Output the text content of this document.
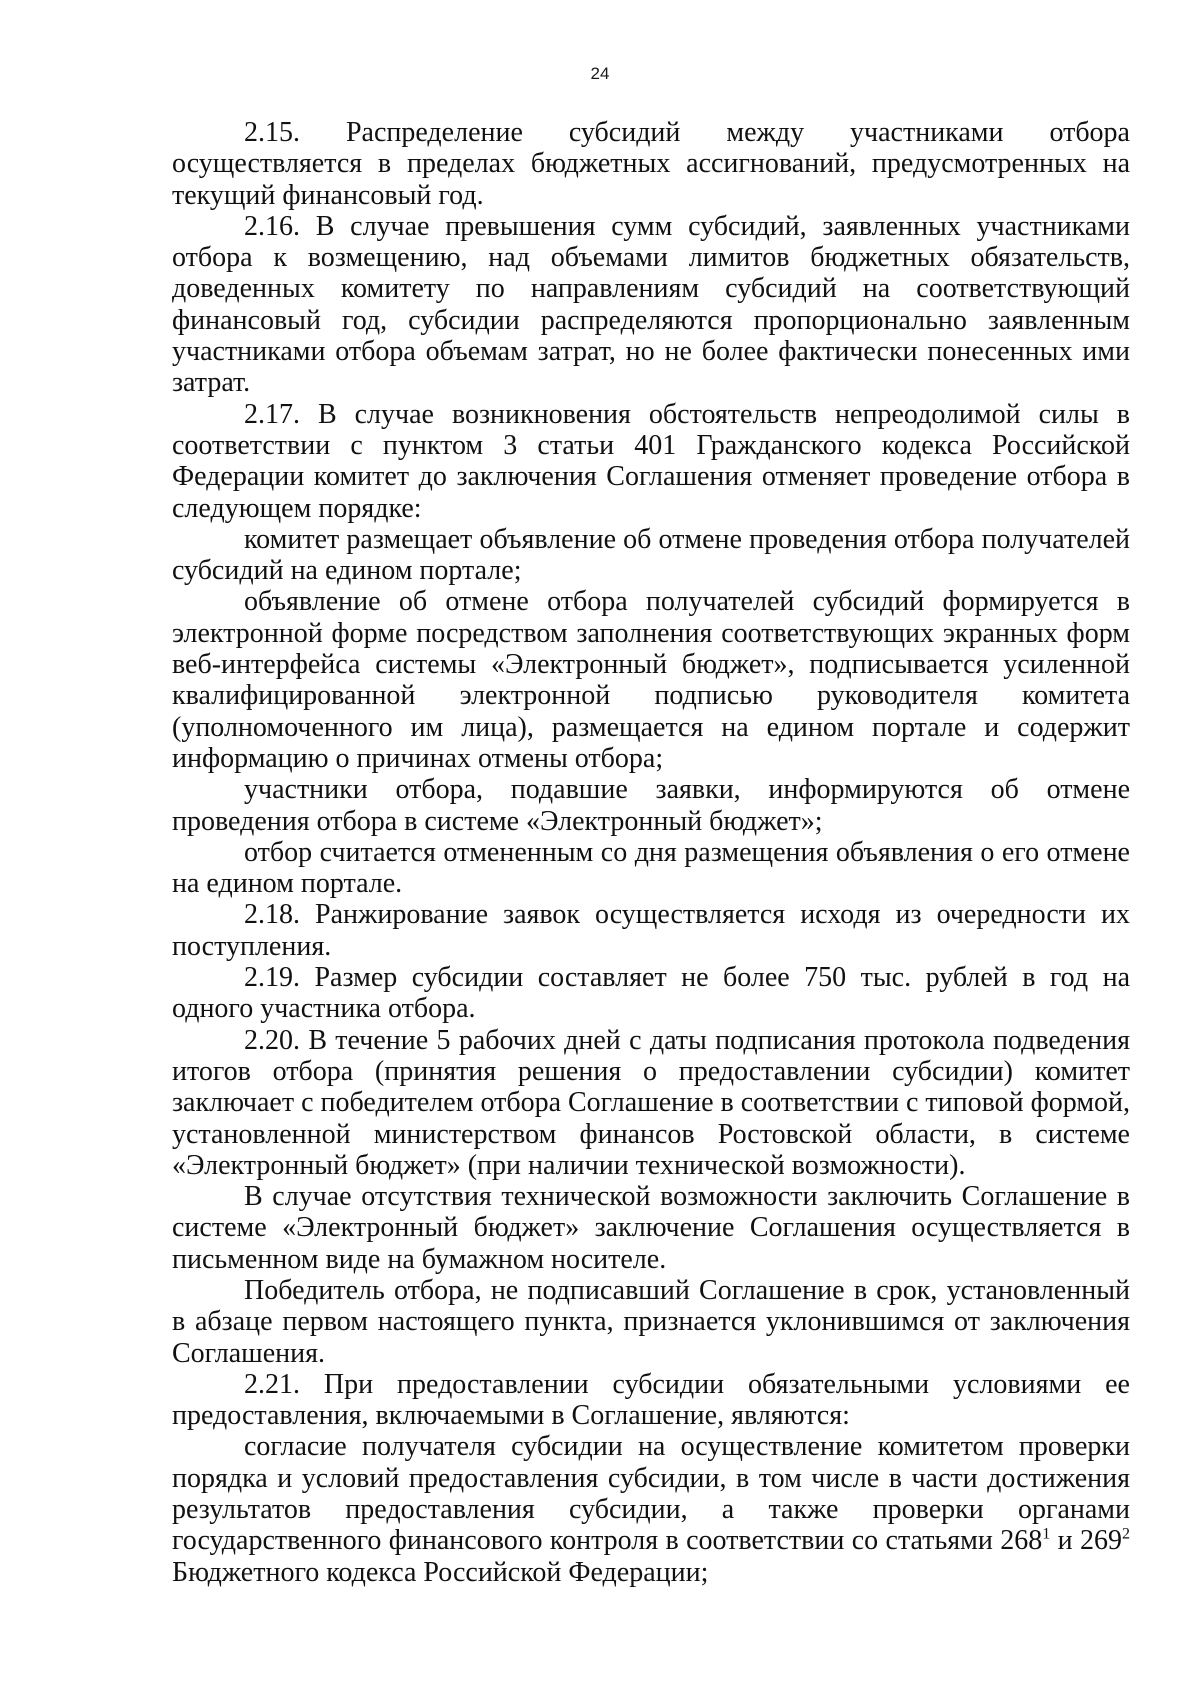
24

2.15. Распределение субсидий между участниками отбора осуществляется в пределах бюджетных ассигнований, предусмотренных на текущий финансовый год.

2.16. В случае превышения сумм субсидий, заявленных участниками отбора к возмещению, над объемами лимитов бюджетных обязательств, доведенных комитету по направлениям субсидий на соответствующий финансовый год, субсидии распределяются пропорционально заявленным участниками отбора объемам затрат, но не более фактически понесенных ими затрат.

2.17. В случае возникновения обстоятельств непреодолимой силы в соответствии с пунктом 3 статьи 401 Гражданского кодекса Российской Федерации комитет до заключения Соглашения отменяет проведение отбора в следующем порядке:

комитет размещает объявление об отмене проведения отбора получателей субсидий на едином портале;

объявление об отмене отбора получателей субсидий формируется в электронной форме посредством заполнения соответствующих экранных форм веб-интерфейса системы «Электронный бюджет», подписывается усиленной квалифицированной электронной подписью руководителя комитета (уполномоченного им лица), размещается на едином портале и содержит информацию о причинах отмены отбора;

участники отбора, подавшие заявки, информируются об отмене проведения отбора в системе «Электронный бюджет»;

отбор считается отмененным со дня размещения объявления о его отмене на едином портале.

2.18. Ранжирование заявок осуществляется исходя из очередности их поступления.

2.19. Размер субсидии составляет не более 750 тыс. рублей в год на одного участника отбора.

2.20. В течение 5 рабочих дней с даты подписания протокола подведения итогов отбора (принятия решения о предоставлении субсидии) комитет заключает с победителем отбора Соглашение в соответствии с типовой формой, установленной министерством финансов Ростовской области, в системе «Электронный бюджет» (при наличии технической возможности).

В случае отсутствия технической возможности заключить Соглашение в системе «Электронный бюджет» заключение Соглашения осуществляется в письменном виде на бумажном носителе.

Победитель отбора, не подписавший Соглашение в срок, установленный в абзаце первом настоящего пункта, признается уклонившимся от заключения Соглашения.

2.21. При предоставлении субсидии обязательными условиями ее предоставления, включаемыми в Соглашение, являются:

согласие получателя субсидии на осуществление комитетом проверки порядка и условий предоставления субсидии, в том числе в части достижения результатов предоставления субсидии, а также проверки органами государственного финансового контроля в соответствии со статьями $268^1$ и $269^2$ Бюджетного кодекса Российской Федерации;
